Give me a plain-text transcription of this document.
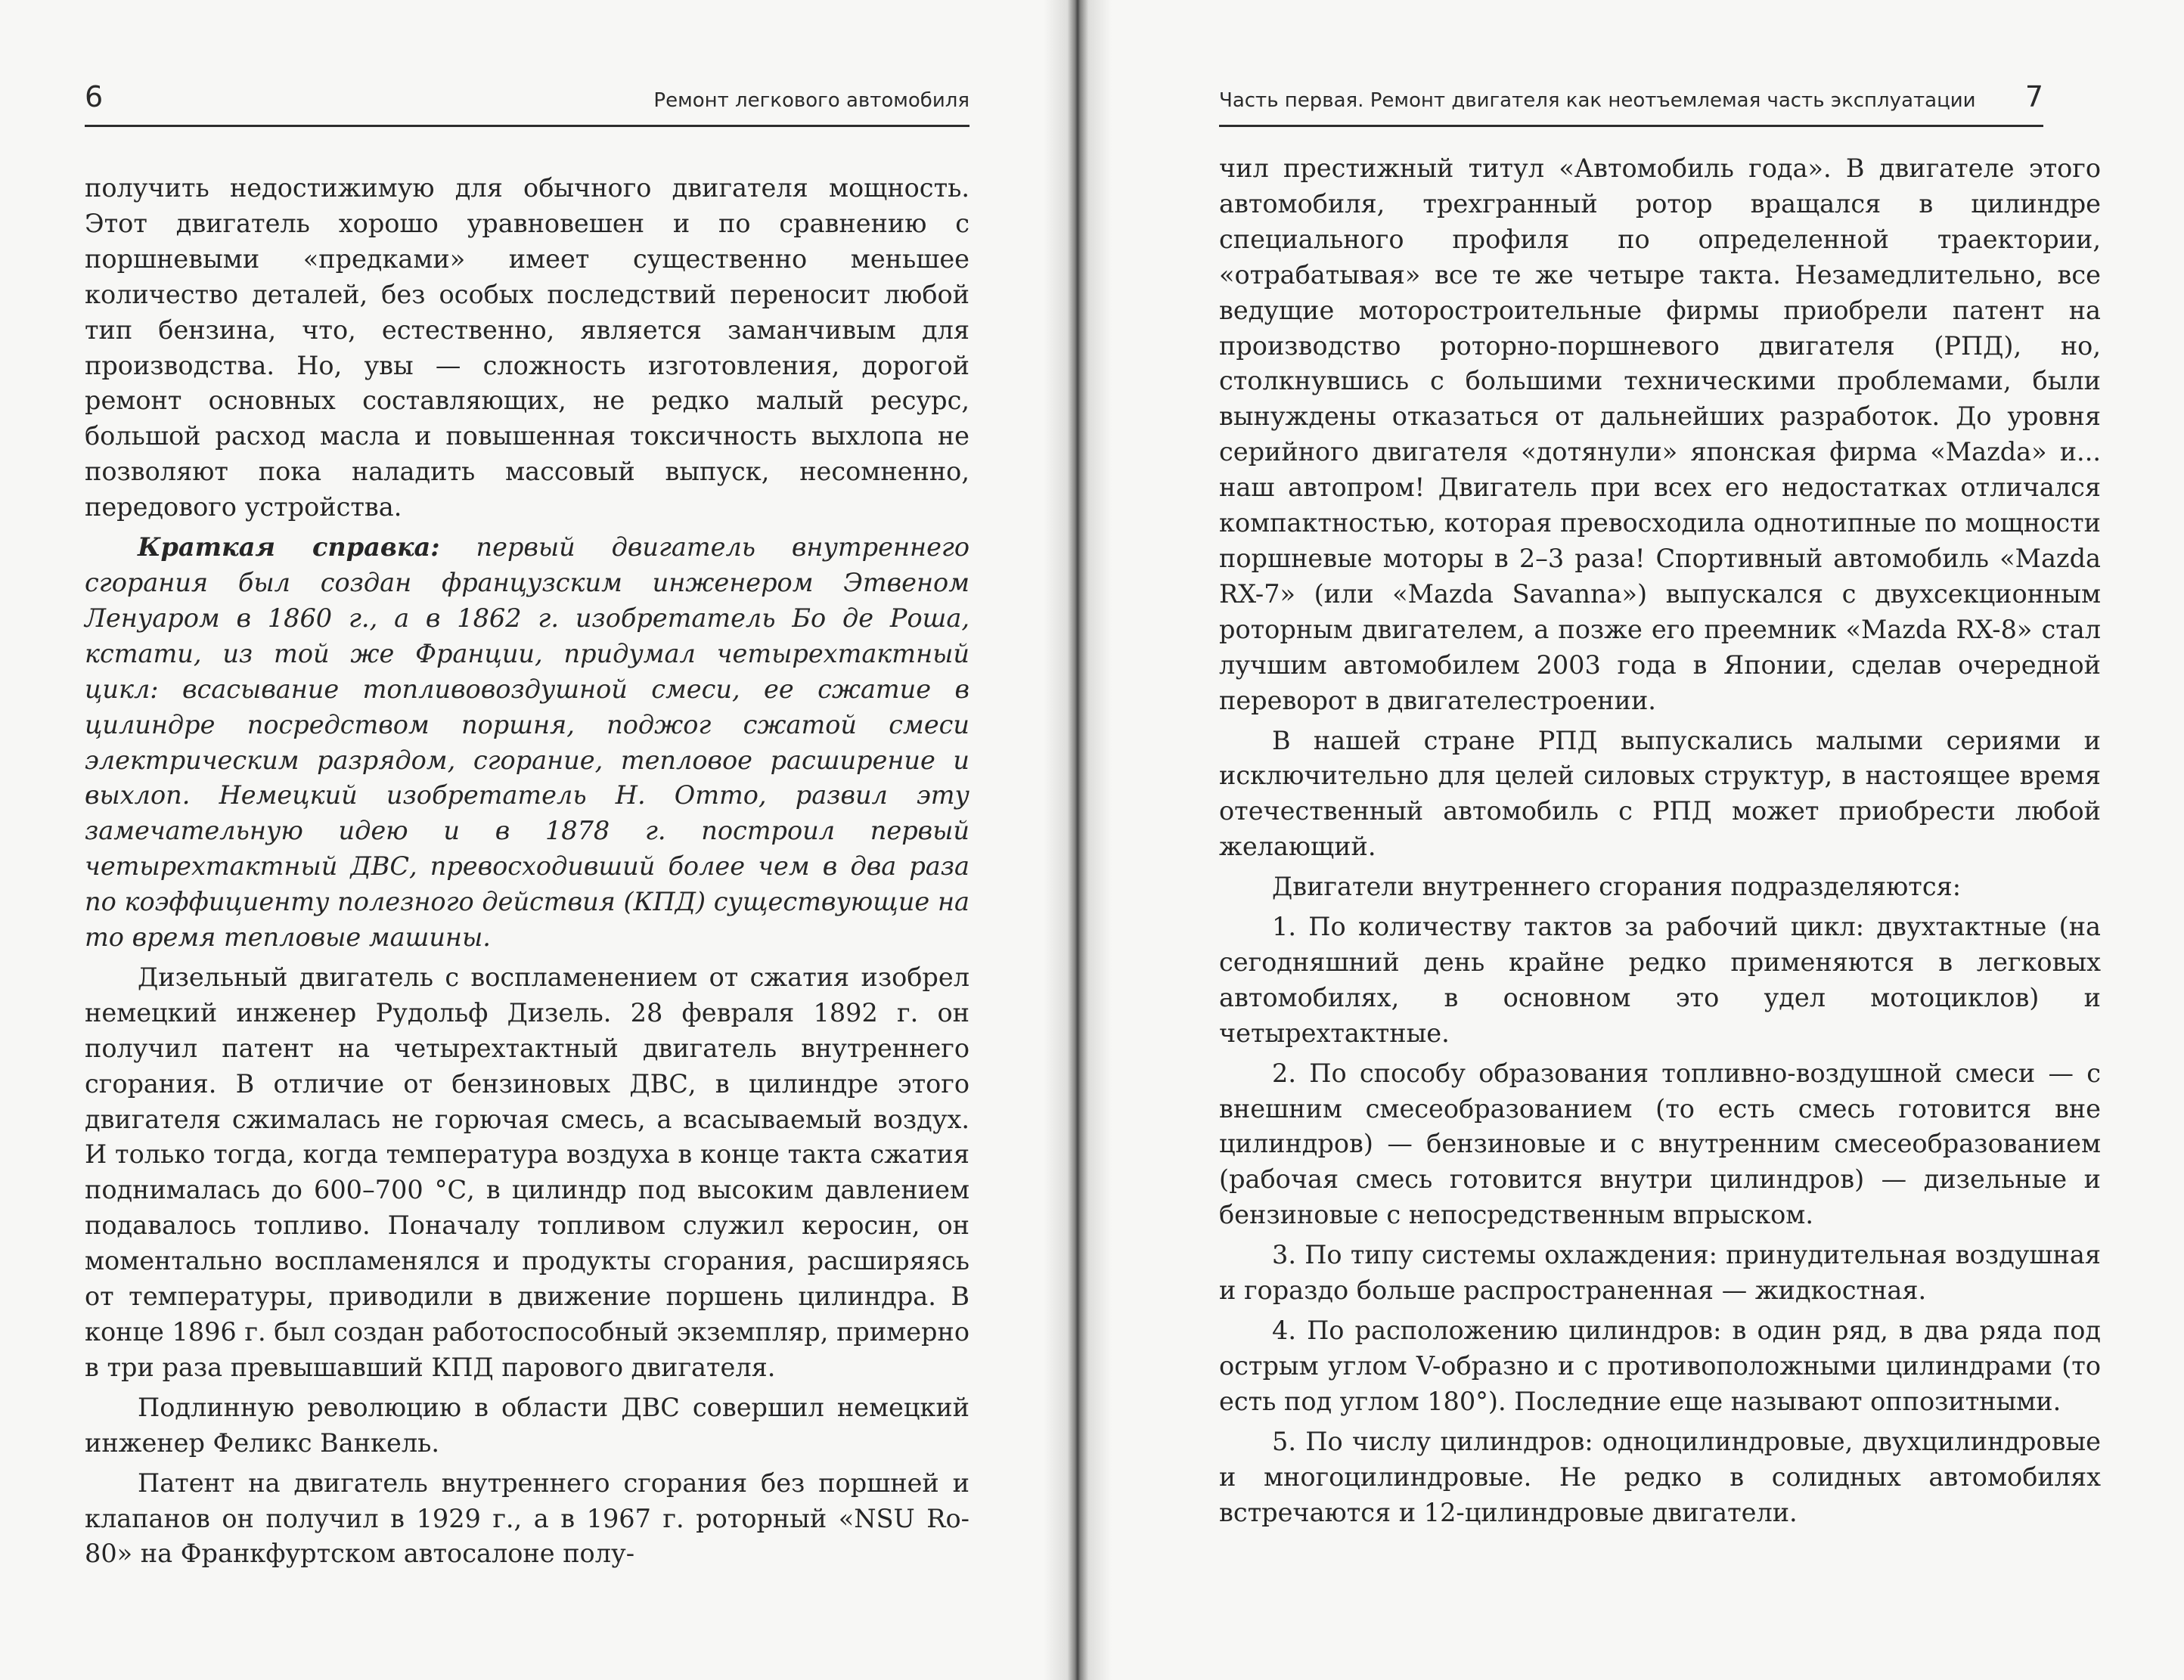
6	Ремонт легкового автомобиля	Часть первая. Ремонт двигателя как неотъемлемая часть эксплуатации 7

получить недостижимую для обычного двигателя мощность. Этот двигатель хорошо уравновешен и по сравнению с поршневыми «предками» имеет существенно меньшее количество деталей, без особых последствий переносит любой тип бензина, что, естественно, является заманчивым для производства. Но, увы — сложность изготовления, дорогой ремонт основных составляющих, не редко малый ресурс, большой расход масла и повышенная токсичность выхлопа не позволяют пока наладить массовый выпуск, несомненно, передового устройства.

Краткая справка: первый двигатель внутреннего сгорания был создан французским инженером Этвеном Ленуаром в 1860 г., а в 1862 г. изобретатель Бо де Роша, кстати, из той же Франции, придумал четырехтактный цикл: всасывание топливовоздушной смеси, ее сжатие в цилиндре посредством поршня, поджог сжатой смеси электрическим разрядом, сгорание, тепловое расширение и выхлоп. Немецкий изобретатель Н. Отто, развил эту замечательную идею и в 1878 г. построил первый четырехтактный ДВС, превосходивший более чем в два раза по коэффициенту полезного действия (КПД) существующие на то время тепловые машины.

Дизельный двигатель с воспламенением от сжатия изобрел немецкий инженер Рудольф Дизель. 28 февраля 1892 г. он получил патент на четырехтактный двигатель внутреннего сгорания. В отличие от бензиновых ДВС, в цилиндре этого двигателя сжималась не горючая смесь, а всасываемый воздух. И только тогда, когда температура воздуха в конце такта сжатия поднималась до 600–700 °С, в цилиндр под высоким давлением подавалось топливо. Поначалу топливом служил керосин, он моментально воспламенялся и продукты сгорания, расширяясь от температуры, приводили в движение поршень цилиндра. В конце 1896 г. был создан работоспособный экземпляр, примерно в три раза превышавший КПД парового двигателя.

Подлинную революцию в области ДВС совершил немецкий инженер Феликс Ванкель.

Патент на двигатель внутреннего сгорания без поршней и клапанов он получил в 1929 г., а в 1967 г. роторный «NSU Ro-80» на Франкфуртском автосалоне полу-

чил престижный титул «Автомобиль года». В двигателе этого автомобиля, трехгранный ротор вращался в цилиндре специального профиля по определенной траектории, «отрабатывая» все те же четыре такта. Незамедлительно, все ведущие моторостроительные фирмы приобрели патент на производство роторно-поршневого двигателя (РПД), но, столкнувшись с большими техническими проблемами, были вынуждены отказаться от дальнейших разработок. До уровня серийного двигателя «дотянули» японская фирма «Mazda» и... наш автопром! Двигатель при всех его недостатках отличался компактностью, которая превосходила однотипные по мощности поршневые моторы в 2–3 раза! Спортивный автомобиль «Mazda RX-7» (или «Mazda Savanna») выпускался с двухсекционным роторным двигателем, а позже его преемник «Mazda RX-8» стал лучшим автомобилем 2003 года в Японии, сделав очередной переворот в двигателестроении.

В нашей стране РПД выпускались малыми сериями и исключительно для целей силовых структур, в настоящее время отечественный автомобиль с РПД может приобрести любой желающий.

Двигатели внутреннего сгорания подразделяются:

1. По количеству тактов за рабочий цикл: двухтактные (на сегодняшний день крайне редко применяются в легковых автомобилях, в основном это удел мотоциклов) и четырехтактные.

2. По способу образования топливно-воздушной смеси — с внешним смесеобразованием (то есть смесь готовится вне цилиндров) — бензиновые и с внутренним смесеобразованием (рабочая смесь готовится внутри цилиндров) — дизельные и бензиновые с непосредственным впрыском.

3. По типу системы охлаждения: принудительная воздушная и гораздо больше распространенная — жидкостная.

4. По расположению цилиндров: в один ряд, в два ряда под острым углом V-образно и с противоположными цилиндрами (то есть под углом 180°). Последние еще называют оппозитными.

5. По числу цилиндров: одноцилиндровые, двухцилиндровые и многоцилиндровые. Не редко в солидных автомобилях встречаются и 12-цилиндровые двигатели.
